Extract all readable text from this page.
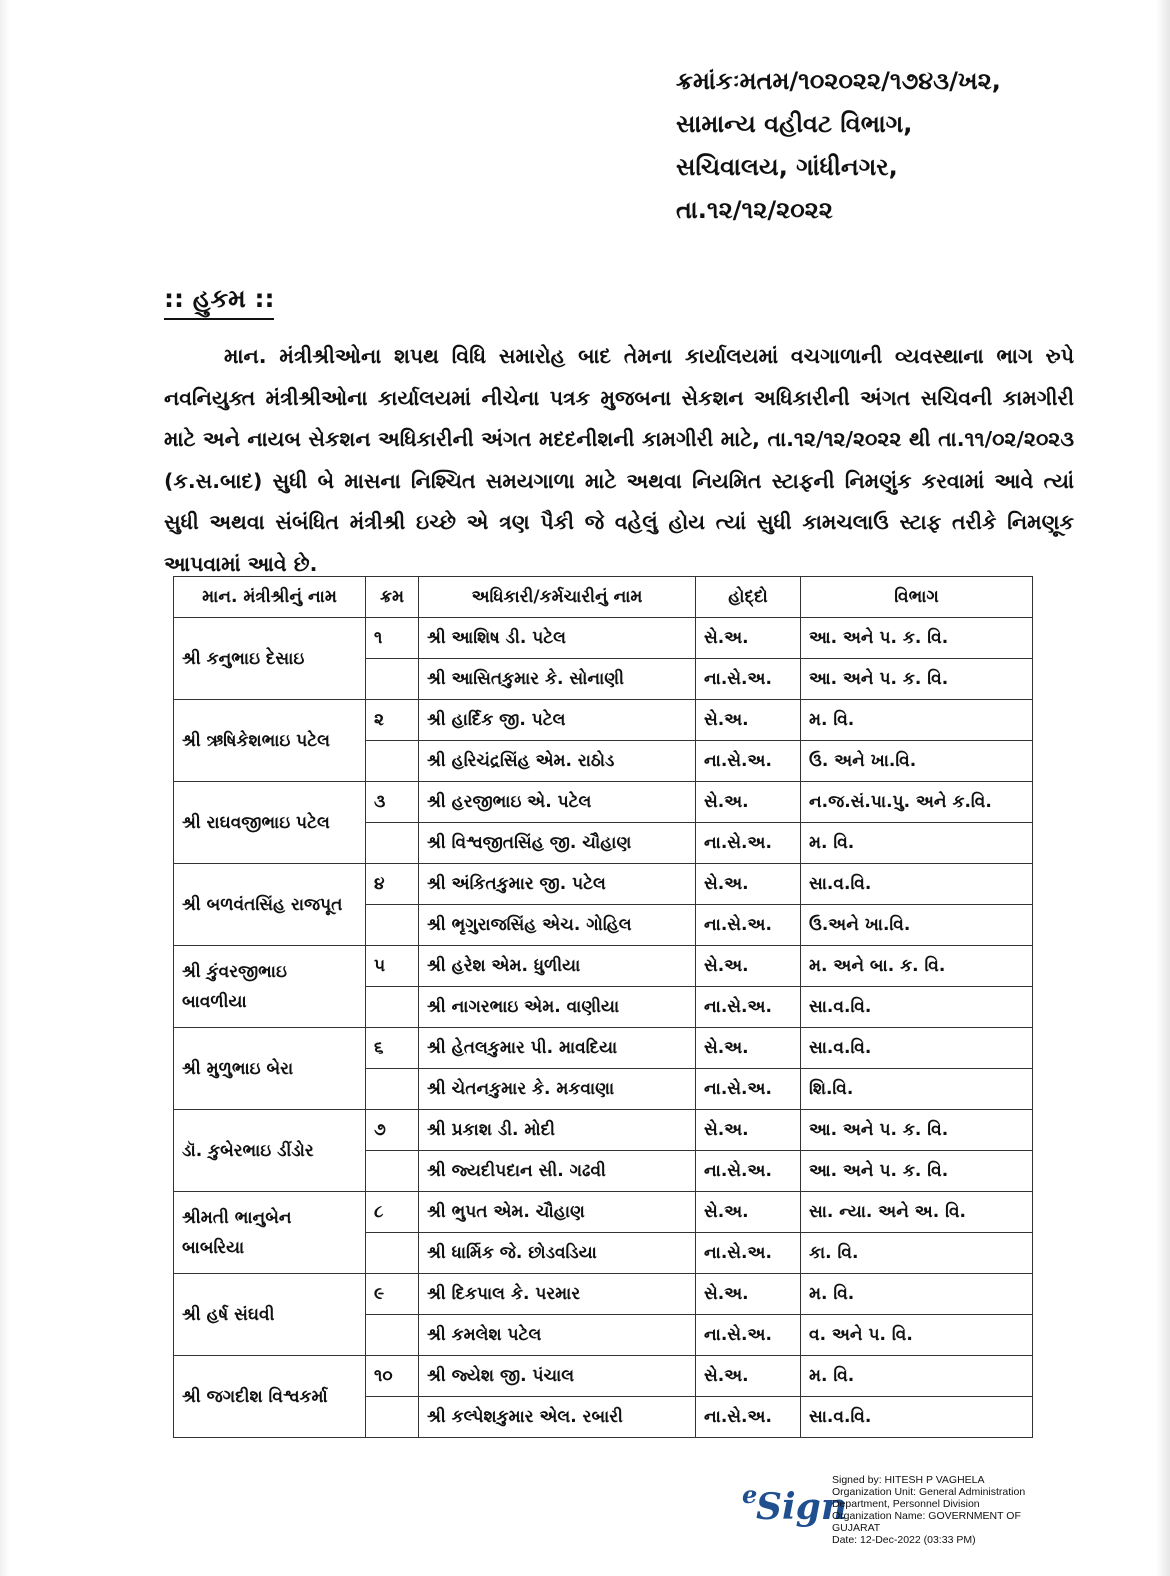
ક્રમાંકઃમતમ/૧૦૨૦૨૨/૧૭૪૩/ખ૨,
સામાન્ય વહીવટ વિભાગ,
સચિવાલય, ગાંધીનગર,
તા.૧૨/૧૨/૨૦૨૨
:: હુકમ ::
માન. મંત્રીશ્રીઓના શપથ વિધિ સમારોહ બાદ તેમના કાર્યાલયમાં વચગાળાની વ્યવસ્થાના ભાગ રુપે નવનિયુક્ત મંત્રીશ્રીઓના કાર્યાલયમાં નીચેના પત્રક મુજબના સેકશન અધિકારીની અંગત સચિવની કામગીરી માટે અને નાયબ સેકશન અધિકારીની અંગત મદદનીશની કામગીરી માટે, તા.૧૨/૧૨/૨૦૨૨ થી તા.૧૧/૦૨/૨૦૨૩ (ક.સ.બાદ) સુધી બે માસના નિશ્ચિત સમયગાળા માટે અથવા નિયમિત સ્ટાફની નિમણુંક કરવામાં આવે ત્યાં સુધી અથવા સંબંધિત મંત્રીશ્રી ઇચ્છે એ ત્રણ પૈકી જે વહેલું હોય ત્યાં સુધી કામચલાઉ સ્ટાફ તરીકે નિમણૂક આપવામાં આવે છે.
માન. મંત્રીશ્રીનું નામ	ક્રમ	અધિકારી/કર્મચારીનું નામ	હોદ્દો	વિભાગ
શ્રી કનુભાઇ દેસાઇ	૧	શ્રી આશિષ ડી. પટેલ	સે.અ.	આ. અને પ. ક. વિ.
		શ્રી આસિતકુમાર કે. સોનાણી	ના.સે.અ.	આ. અને પ. ક. વિ.
શ્રી ઋષિકેશભાઇ પટેલ	૨	શ્રી હાર્દિક જી. પટેલ	સે.અ.	મ. વિ.
		શ્રી હરિચંદ્રસિંહ એમ. રાઠોડ	ના.સે.અ.	ઉ. અને ખા.વિ.
શ્રી રાઘવજીભાઇ પટેલ	૩	શ્રી હરજીભાઇ એ. પટેલ	સે.અ.	ન.જ.સં.પા.પુ. અને ક.વિ.
		શ્રી વિશ્વજીતસિંહ જી. ચૌહાણ	ના.સે.અ.	મ. વિ.
શ્રી બળવંતસિંહ રાજપૂત	૪	શ્રી અંકિતકુમાર જી. પટેલ	સે.અ.	સા.વ.વિ.
		શ્રી ભૃગુરાજસિંહ એચ. ગોહિલ	ના.સે.અ.	ઉ.અને ખા.વિ.
શ્રી કુંવરજીભાઇ બાવળીયા	૫	શ્રી હરેશ એમ. ધુળીયા	સે.અ.	મ. અને બા. ક. વિ.
		શ્રી નાગરભાઇ એમ. વાણીયા	ના.સે.અ.	સા.વ.વિ.
શ્રી મુળુભાઇ બેરા	૬	શ્રી હેતલકુમાર પી. માવદિયા	સે.અ.	સા.વ.વિ.
		શ્રી ચેતનકુમાર કે. મકવાણા	ના.સે.અ.	શિ.વિ.
ડૉ. કુબેરભાઇ ડીંડોર	૭	શ્રી પ્રકાશ ડી. મોદી	સે.અ.	આ. અને પ. ક. વિ.
		શ્રી જ્યદીપદાન સી. ગઢવી	ના.સે.અ.	આ. અને પ. ક. વિ.
શ્રીમતી ભાનુબેન બાબરિયા	૮	શ્રી ભુપત એમ. ચૌહાણ	સે.અ.	સા. ન્યા. અને અ. વિ.
		શ્રી ધાર્મિક જે. છોડવડિયા	ના.સે.અ.	કા. વિ.
શ્રી હર્ષ સંઘવી	૯	શ્રી દિકપાલ કે. પરમાર	સે.અ.	મ. વિ.
		શ્રી કમલેશ પટેલ	ના.સે.અ.	વ. અને પ. વિ.
શ્રી જગદીશ વિશ્વકર્મા	૧૦	શ્રી જ્યેશ જી. પંચાલ	સે.અ.	મ. વિ.
		શ્રી કલ્પેશકુમાર એલ. રબારી	ના.સે.અ.	સા.વ.વિ.
e
Sign
Signed by: HITESH P VAGHELA
Organization Unit: General Administration
Department, Personnel Division
Organization Name: GOVERNMENT OF
GUJARAT
Date: 12-Dec-2022 (03:33 PM)
